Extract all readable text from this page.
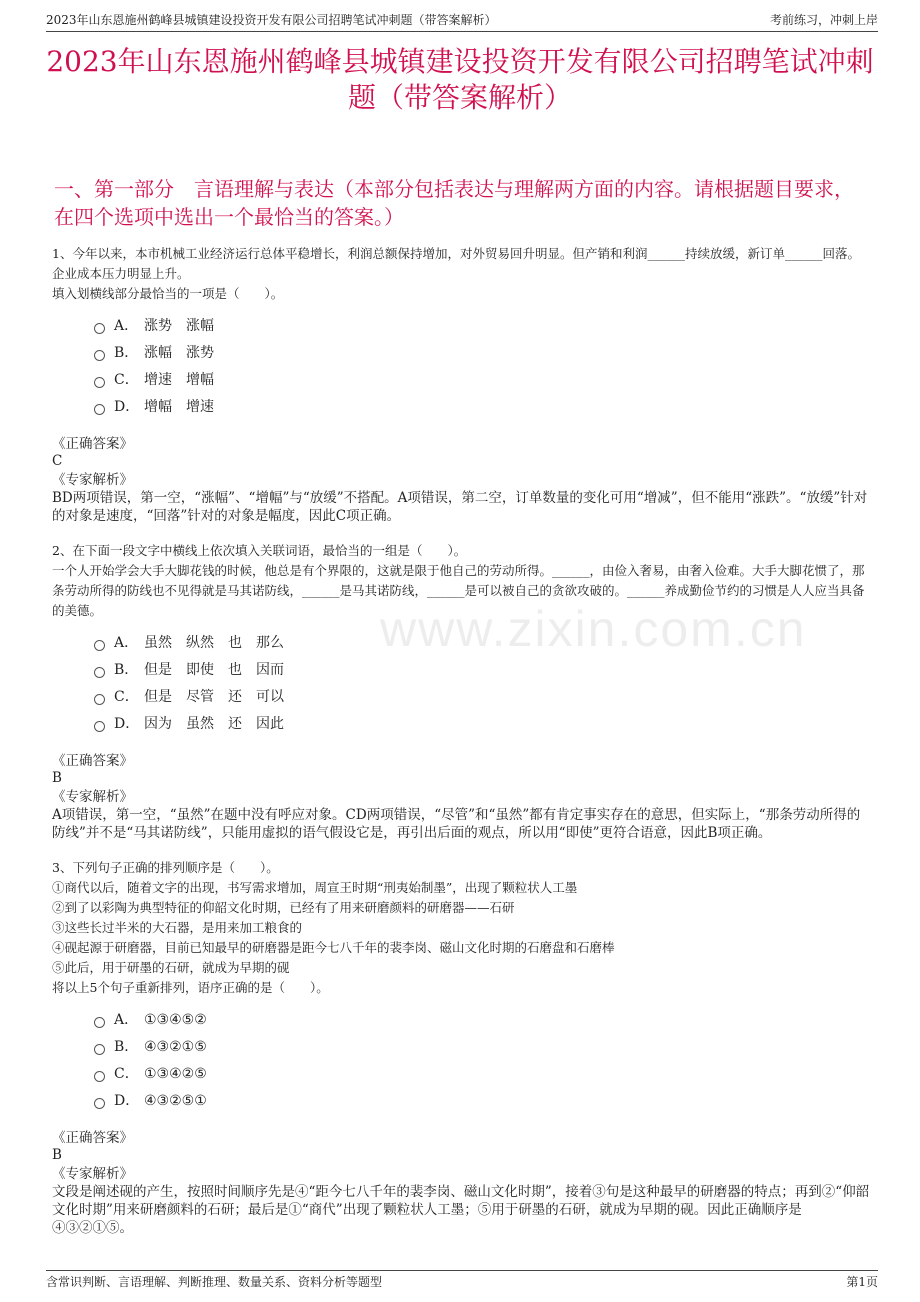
2023年山东恩施州鹤峰县城镇建设投资开发有限公司招聘笔试冲刺题（带答案解析）	考前练习，冲刺上岸
2023年山东恩施州鹤峰县城镇建设投资开发有限公司招聘笔试冲刺题（带答案解析）
一、第一部分　言语理解与表达（本部分包括表达与理解两方面的内容。请根据题目要求，在四个选项中选出一个最恰当的答案。）
www.zixin.com.cn
1、今年以来，本市机械工业经济运行总体平稳增长，利润总额保持增加，对外贸易回升明显。但产销和利润______持续放缓，新订单______回落。企业成本压力明显上升。
填入划横线部分最恰当的一项是（　　）。
A． 涨势　涨幅
B． 涨幅　涨势
C． 增速　增幅
D． 增幅　增速
《正确答案》
C
《专家解析》
BD两项错误，第一空，“涨幅”、“增幅”与“放缓”不搭配。A项错误，第二空，订单数量的变化可用“增减”，但不能用“涨跌”。“放缓”针对的对象是速度，“回落”针对的对象是幅度，因此C项正确。
2、在下面一段文字中横线上依次填入关联词语，最恰当的一组是（　　）。
一个人开始学会大手大脚花钱的时候，他总是有个界限的，这就是限于他自己的劳动所得。______，由俭入奢易，由奢入俭难。大手大脚花惯了，那条劳动所得的防线也不见得就是马其诺防线，______是马其诺防线，______是可以被自己的贪欲攻破的。______养成勤俭节约的习惯是人人应当具备的美德。
A． 虽然　纵然　也　那么
B． 但是　即使　也　因而
C． 但是　尽管　还　可以
D． 因为　虽然　还　因此
《正确答案》
B
《专家解析》
A项错误，第一空，“虽然”在题中没有呼应对象。CD两项错误，“尽管”和“虽然”都有肯定事实存在的意思，但实际上，“那条劳动所得的防线”并不是“马其诺防线”，只能用虚拟的语气假设它是，再引出后面的观点，所以用“即使”更符合语意，因此B项正确。
3、下列句子正确的排列顺序是（　　）。
①商代以后，随着文字的出现，书写需求增加，周宣王时期“刑夷始制墨”，出现了颗粒状人工墨
②到了以彩陶为典型特征的仰韶文化时期，已经有了用来研磨颜料的研磨器——石研
③这些长过半米的大石器，是用来加工粮食的
④砚起源于研磨器，目前已知最早的研磨器是距今七八千年的裴李岗、磁山文化时期的石磨盘和石磨棒
⑤此后，用于研墨的石研，就成为早期的砚
将以上5个句子重新排列，语序正确的是（　　）。
A． ①③④⑤②
B． ④③②①⑤
C． ①③④②⑤
D． ④③②⑤①
《正确答案》
B
《专家解析》
文段是阐述砚的产生，按照时间顺序先是④“距今七八千年的裴李岗、磁山文化时期”，接着③句是这种最早的研磨器的特点；再到②“仰韶文化时期”用来研磨颜料的石研；最后是①“商代”出现了颗粒状人工墨；⑤用于研墨的石研，就成为早期的砚。因此正确顺序是④③②①⑤。
含常识判断、言语理解、判断推理、数量关系、资料分析等题型	第1页
